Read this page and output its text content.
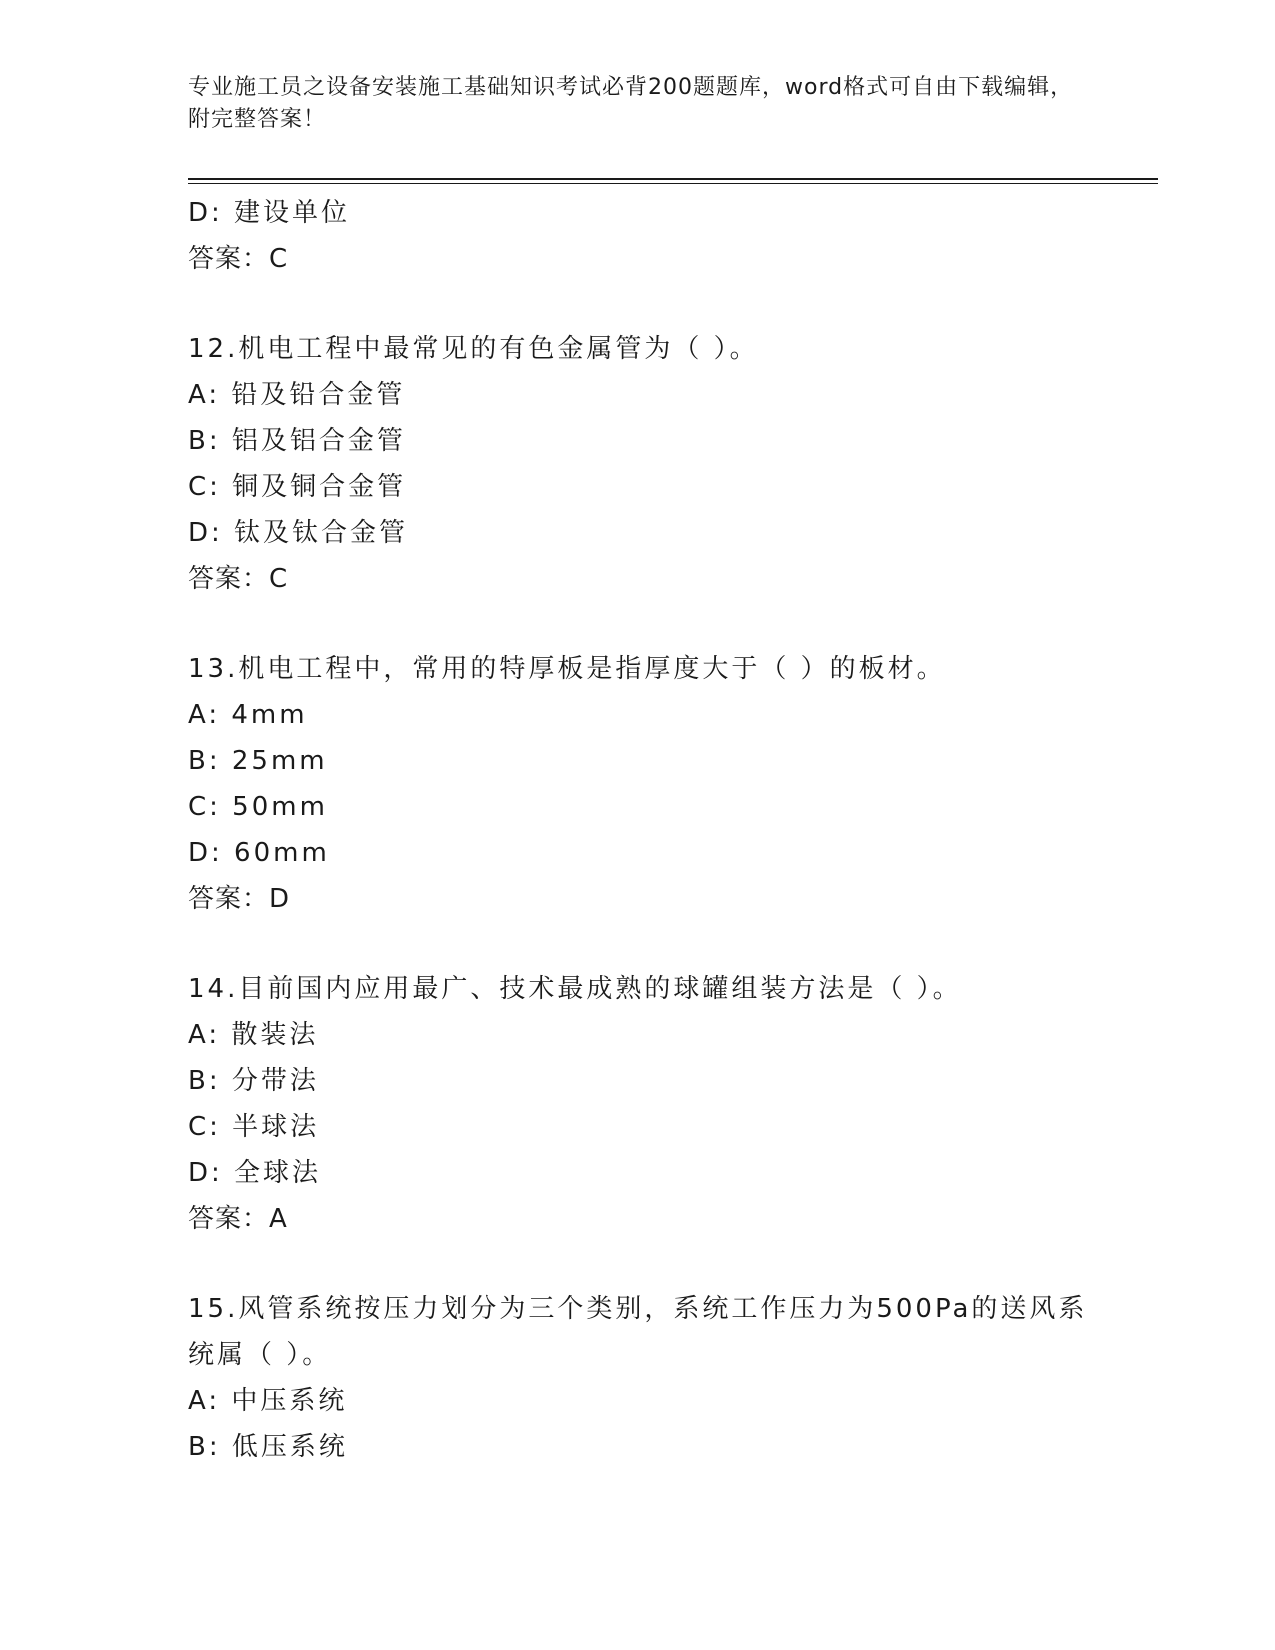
专业施工员之设备安装施工基础知识考试必背200题题库，word格式可自由下载编辑，附完整答案！
D: 建设单位
答案：C
12.机电工程中最常见的有色金属管为（ ）。
A: 铅及铅合金管
B: 铝及铝合金管
C: 铜及铜合金管
D: 钛及钛合金管
答案：C
13.机电工程中，常用的特厚板是指厚度大于（ ）的板材。
A: 4mm
B: 25mm
C: 50mm
D: 60mm
答案：D
14.目前国内应用最广、技术最成熟的球罐组装方法是（ ）。
A: 散装法
B: 分带法
C: 半球法
D: 全球法
答案：A
15.风管系统按压力划分为三个类别，系统工作压力为500Pa的送风系统属（ ）。
A: 中压系统
B: 低压系统
